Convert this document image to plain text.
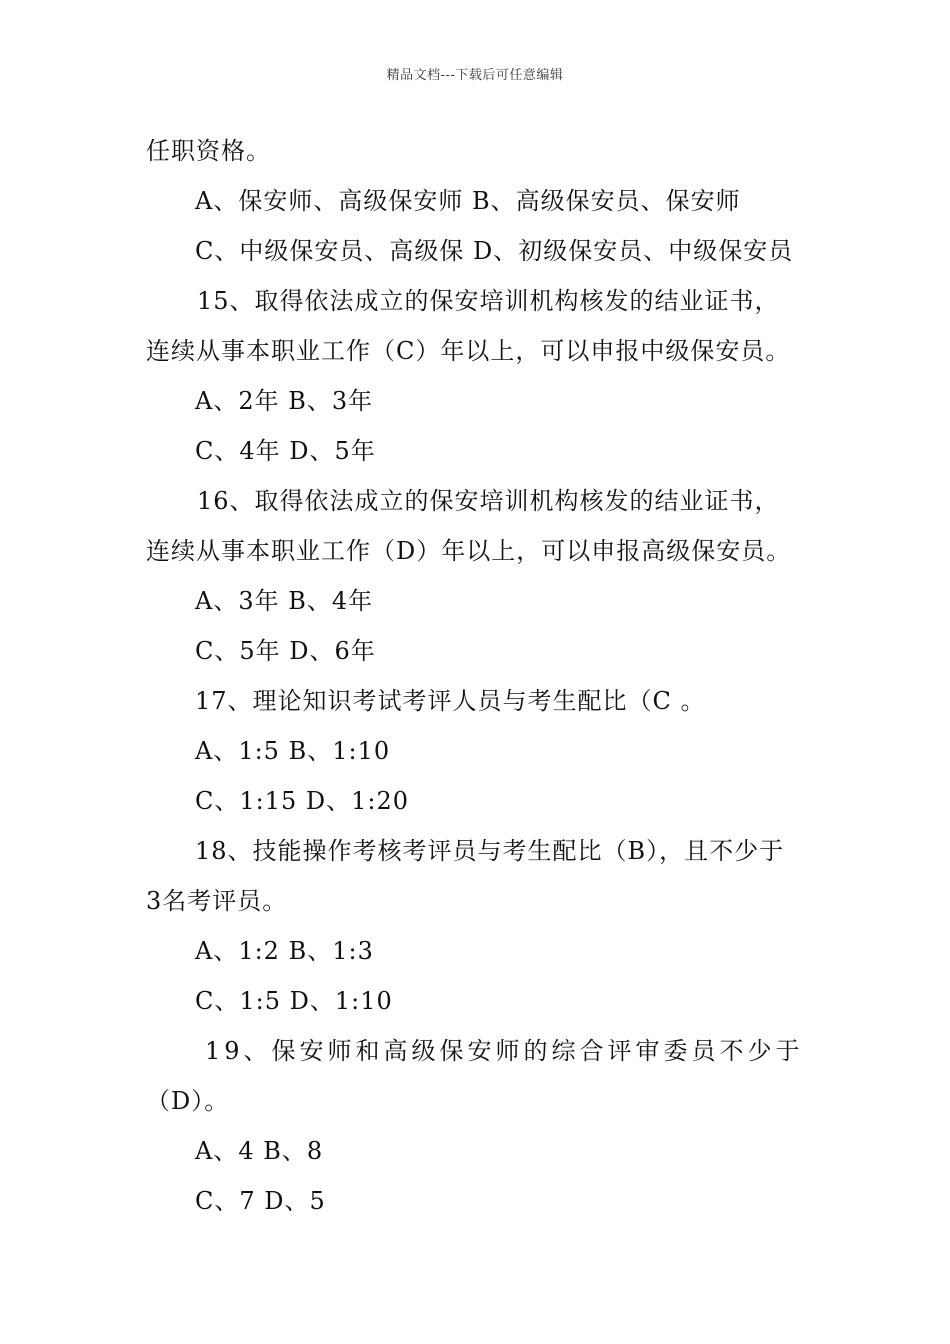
精品文档---下载后可任意编辑
任职资格。
A、保安师、高级保安师 B、高级保安员、保安师
C、中级保安员、高级保 D、初级保安员、中级保安员
15、取得依法成立的保安培训机构核发的结业证书，
连续从事本职业工作（C）年以上，可以申报中级保安员。
A、2年 B、3年
C、4年 D、5年
16、取得依法成立的保安培训机构核发的结业证书，
连续从事本职业工作（D）年以上，可以申报高级保安员。
A、3年 B、4年
C、5年 D、6年
17、理论知识考试考评人员与考生配比（C 。
A、1:5 B、1:10
C、1:15 D、1:20
18、技能操作考核考评员与考生配比（B），且不少于
3名考评员。
A、1:2 B、1:3
C、1:5 D、1:10
19、保安师和高级保安师的综合评审委员不少于
（D）。
A、4 B、8
C、7 D、5
